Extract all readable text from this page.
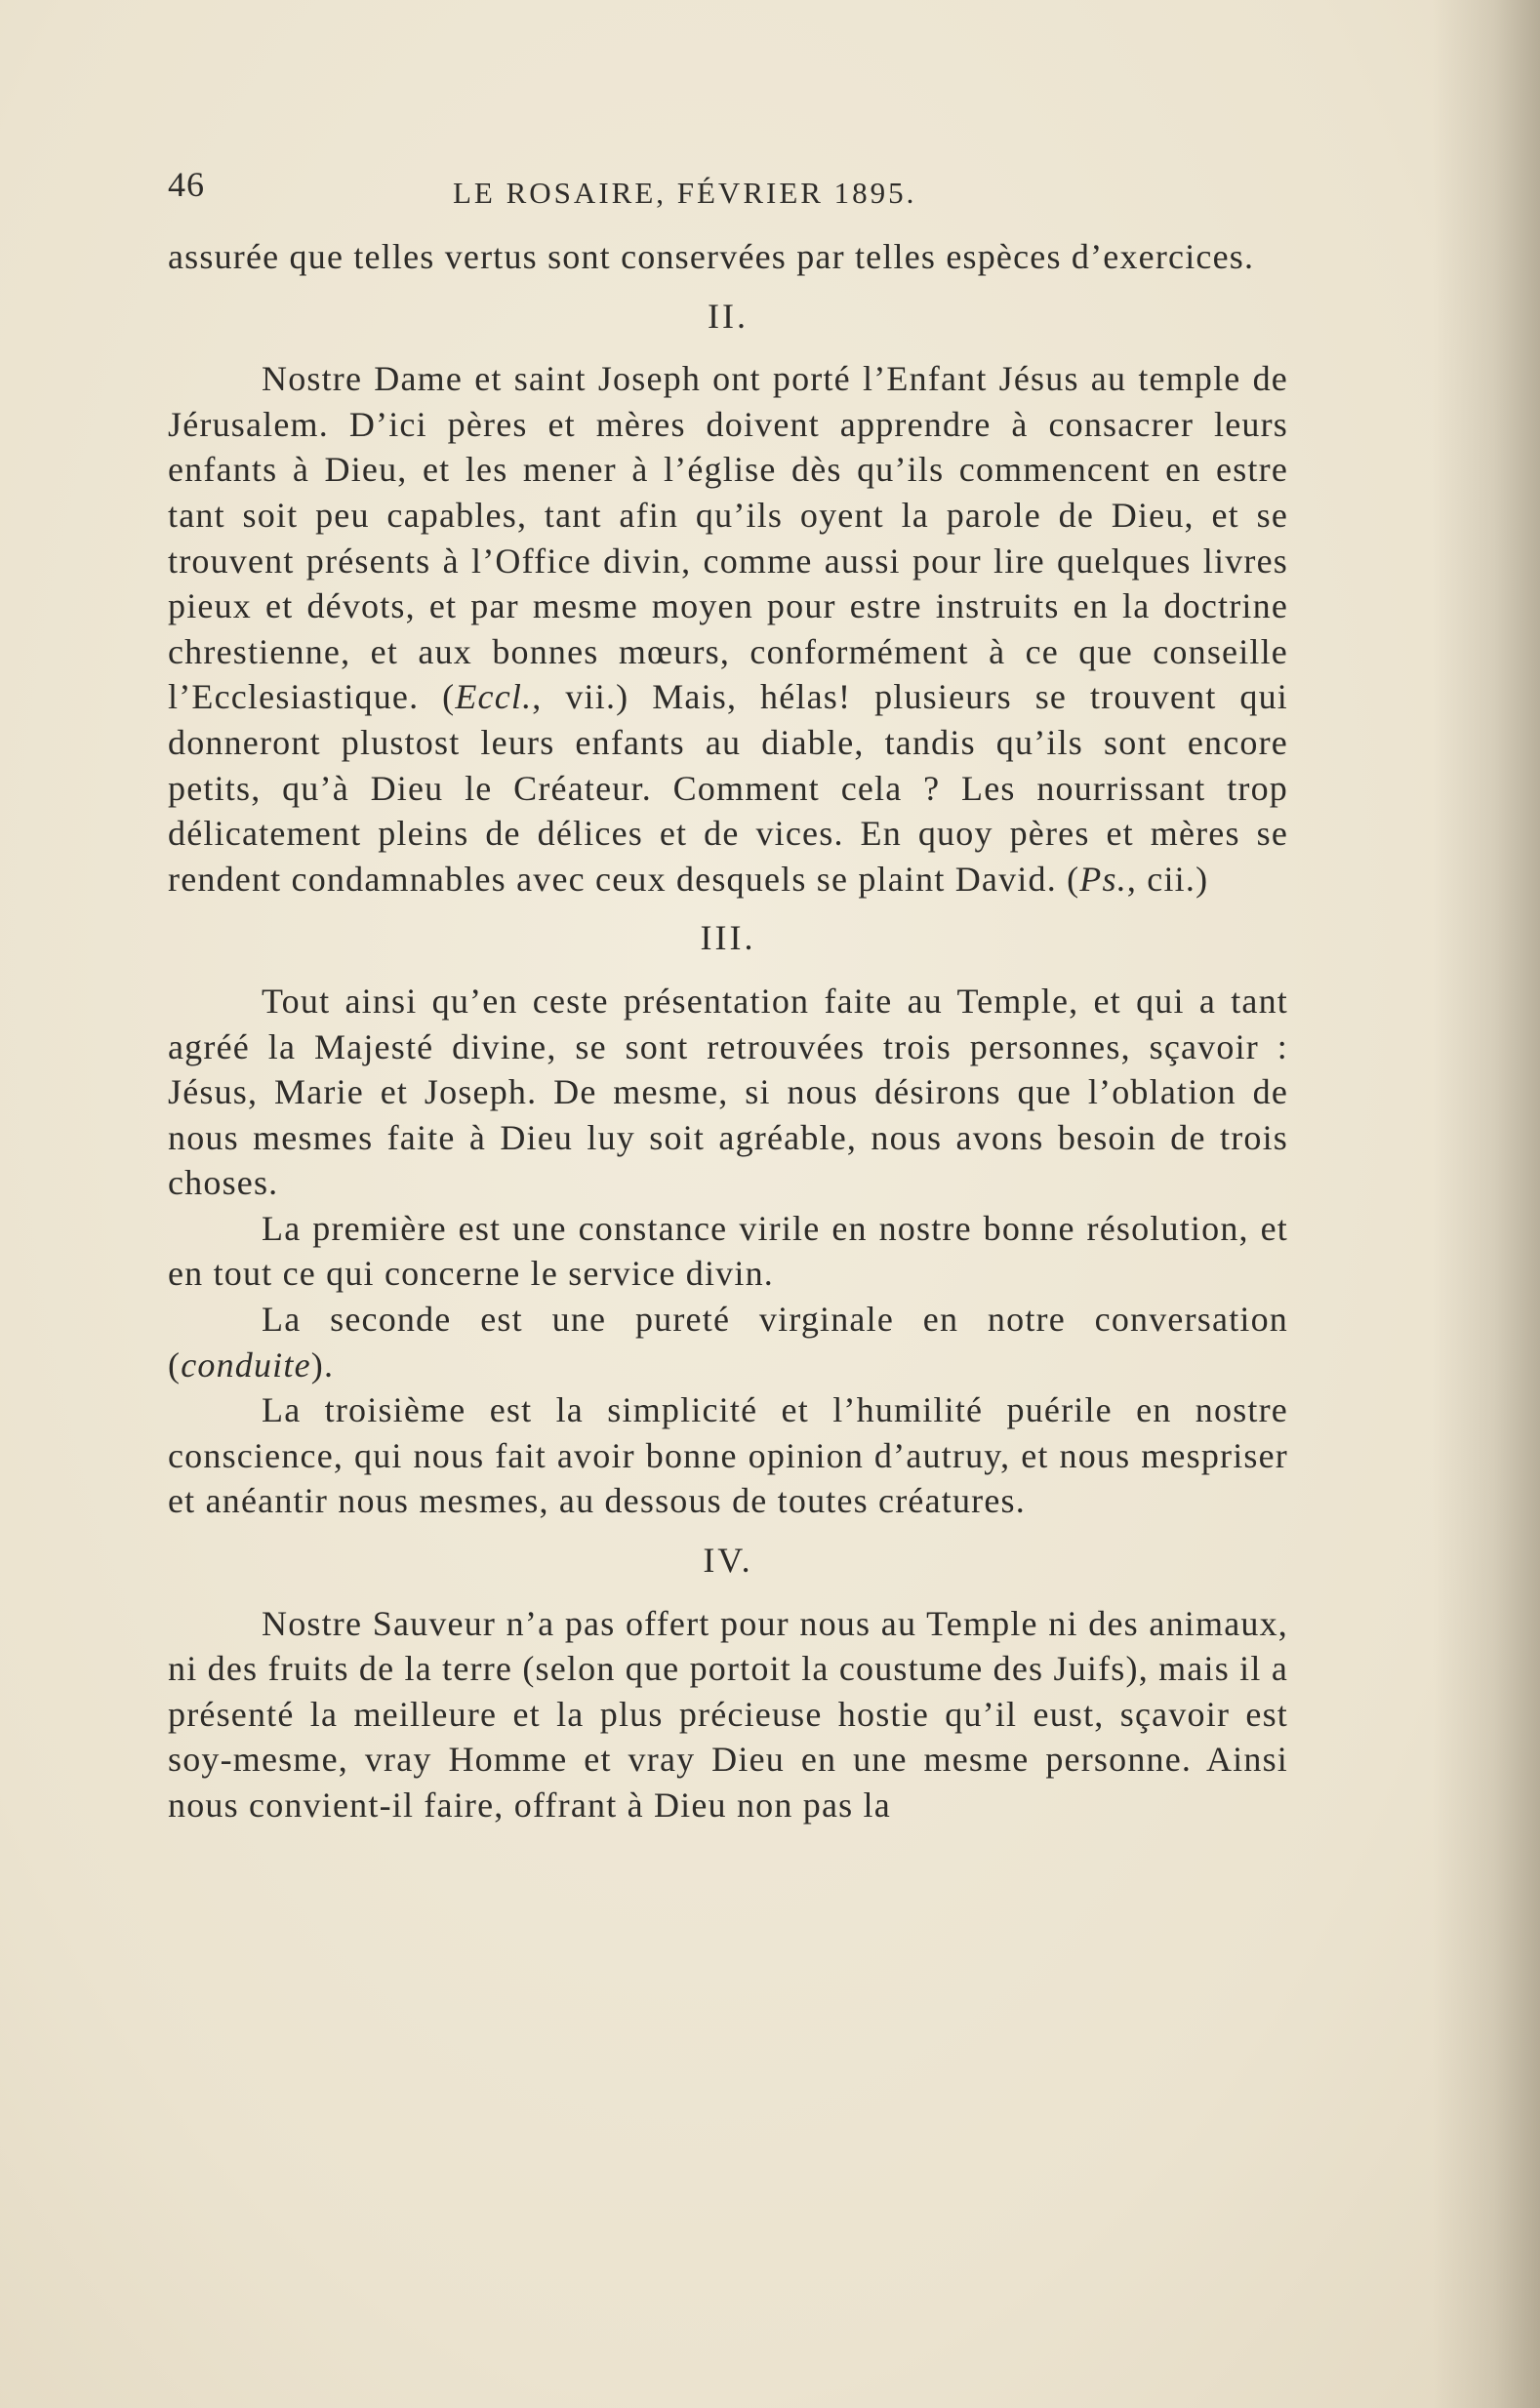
46	LE ROSAIRE, FÉVRIER 1895.

assurée que telles vertus sont conservées par telles espèces d’exercices.

II.

Nostre Dame et saint Joseph ont porté l’Enfant Jésus au temple de Jérusalem. D’ici pères et mères doivent apprendre à consacrer leurs enfants à Dieu, et les mener à l’église dès qu’ils commencent en estre tant soit peu capables, tant afin qu’ils oyent la parole de Dieu, et se trouvent présents à l’Office divin, comme aussi pour lire quelques livres pieux et dévots, et par mesme moyen pour estre instruits en la doctrine chrestienne, et aux bonnes mœurs, conformément à ce que conseille l’Ecclesiastique. (Eccl., vii.) Mais, hélas! plusieurs se trouvent qui donneront plustost leurs enfants au diable, tandis qu’ils sont encore petits, qu’à Dieu le Créateur. Comment cela ? Les nourrissant trop délicatement pleins de délices et de vices. En quoy pères et mères se rendent condamnables avec ceux desquels se plaint David. (Ps., cii.)

III.

Tout ainsi qu’en ceste présentation faite au Temple, et qui a tant agréé la Majesté divine, se sont retrouvées trois personnes, sçavoir : Jésus, Marie et Joseph. De mesme, si nous désirons que l’oblation de nous mesmes faite à Dieu luy soit agréable, nous avons besoin de trois choses.

La première est une constance virile en nostre bonne résolution, et en tout ce qui concerne le service divin.

La seconde est une pureté virginale en notre conversation (conduite).

La troisième est la simplicité et l’humilité puérile en nostre conscience, qui nous fait avoir bonne opinion d’autruy, et nous mespriser et anéantir nous mesmes, au dessous de toutes créatures.

IV.

Nostre Sauveur n’a pas offert pour nous au Temple ni des animaux, ni des fruits de la terre (selon que portoit la coustume des Juifs), mais il a présenté la meilleure et la plus précieuse hostie qu’il eust, sçavoir est soy-mesme, vray Homme et vray Dieu en une mesme personne. Ainsi nous convient-il faire, offrant à Dieu non pas la
